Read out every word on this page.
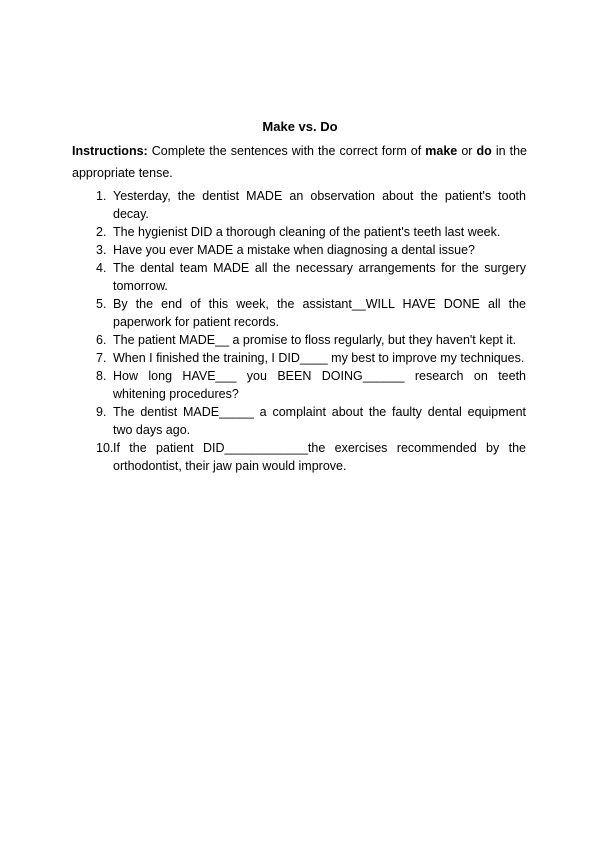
Make vs. Do
Instructions: Complete the sentences with the correct form of make or do in the appropriate tense.
1. Yesterday, the dentist MADE an observation about the patient's tooth decay.
2. The hygienist DID a thorough cleaning of the patient's teeth last week.
3. Have you ever MADE a mistake when diagnosing a dental issue?
4. The dental team MADE all the necessary arrangements for the surgery tomorrow.
5. By the end of this week, the assistant__WILL HAVE DONE all the paperwork for patient records.
6. The patient MADE__ a promise to floss regularly, but they haven't kept it.
7. When I finished the training, I DID____ my best to improve my techniques.
8. How long HAVE___ you BEEN DOING______ research on teeth whitening procedures?
9. The dentist MADE_____ a complaint about the faulty dental equipment two days ago.
10. If the patient DID____________the exercises recommended by the orthodontist, their jaw pain would improve.
